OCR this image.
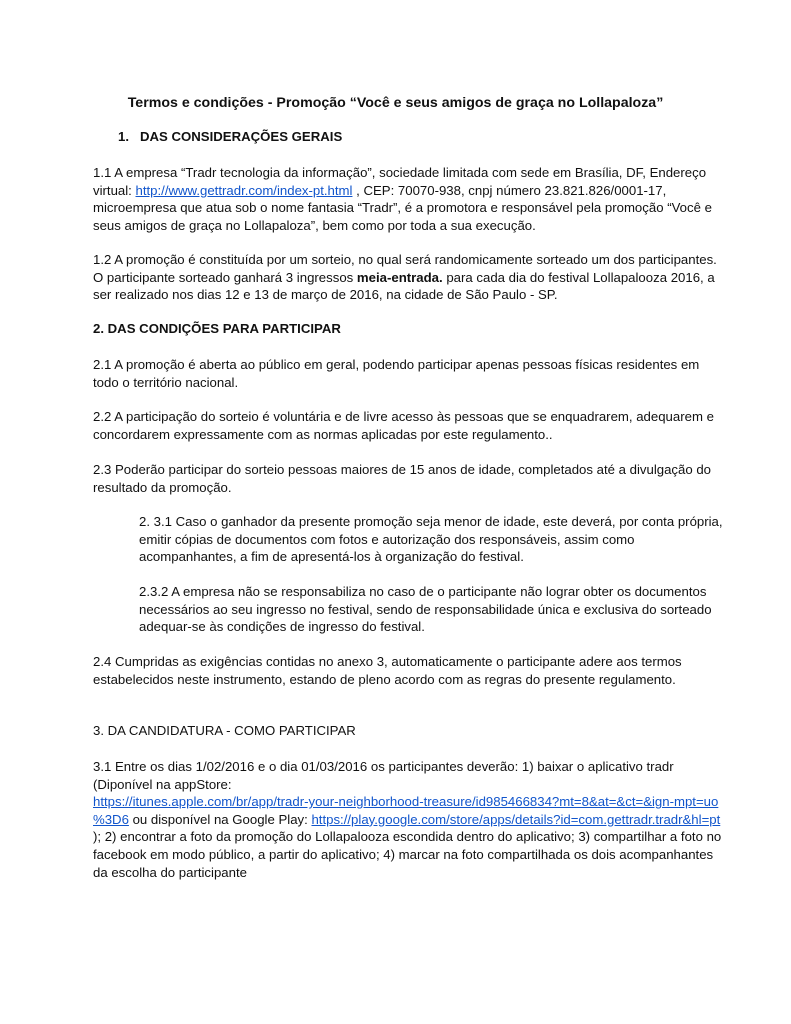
Termos e condições - Promoção “Você e seus amigos de graça no Lollapaloza”
1. DAS CONSIDERAÇÕES GERAIS
1.1 A empresa “Tradr tecnologia da informação”, sociedade limitada com sede em Brasília, DF, Endereço
virtual: http://www.gettradr.com/index-pt.html , CEP: 70070-938, cnpj número 23.821.826/0001-17,
microempresa que atua sob o nome fantasia “Tradr”, é a promotora e responsável pela promoção “Você e
seus amigos de graça no Lollapaloza”, bem como por toda a sua execução.
1.2 A promoção é constituída por um sorteio, no qual será randomicamente sorteado um dos participantes.
O participante sorteado ganhará 3 ingressos meia-entrada. para cada dia do festival Lollapalooza 2016, a
ser realizado nos dias 12 e 13 de março de 2016, na cidade de São Paulo - SP.
2. DAS CONDIÇÕES PARA PARTICIPAR
2.1 A promoção é aberta ao público em geral, podendo participar apenas pessoas físicas residentes em
todo o território nacional.
2.2 A participação do sorteio é voluntária e de livre acesso às pessoas que se enquadrarem, adequarem e
concordarem expressamente com as normas aplicadas por este regulamento..
2.3 Poderão participar do sorteio pessoas maiores de 15 anos de idade, completados até a divulgação do
resultado da promoção.
2. 3.1 Caso o ganhador da presente promoção seja menor de idade, este deverá, por conta própria,
emitir cópias de documentos com fotos e autorização dos responsáveis, assim como
acompanhantes, a fim de apresentá-los à organização do festival.
2.3.2 A empresa não se responsabiliza no caso de o participante não lograr obter os documentos
necessários ao seu ingresso no festival, sendo de responsabilidade única e exclusiva do sorteado
adequar-se às condições de ingresso do festival.
2.4 Cumpridas as exigências contidas no anexo 3, automaticamente o participante adere aos termos
estabelecidos neste instrumento, estando de pleno acordo com as regras do presente regulamento.
3. DA CANDIDATURA - COMO PARTICIPAR
3.1 Entre os dias 1/02/2016 e o dia 01/03/2016 os participantes deverão: 1) baixar o aplicativo tradr
(Diponível na appStore:
https://itunes.apple.com/br/app/tradr-your-neighborhood-treasure/id985466834?mt=8&at=&ct=&ign-mpt=uo
%3D6 ou disponível na Google Play: https://play.google.com/store/apps/details?id=com.gettradr.tradr&hl=pt
); 2) encontrar a foto da promoção do Lollapalooza escondida dentro do aplicativo; 3) compartilhar a foto no
facebook em modo público, a partir do aplicativo; 4) marcar na foto compartilhada os dois acompanhantes
da escolha do participante
